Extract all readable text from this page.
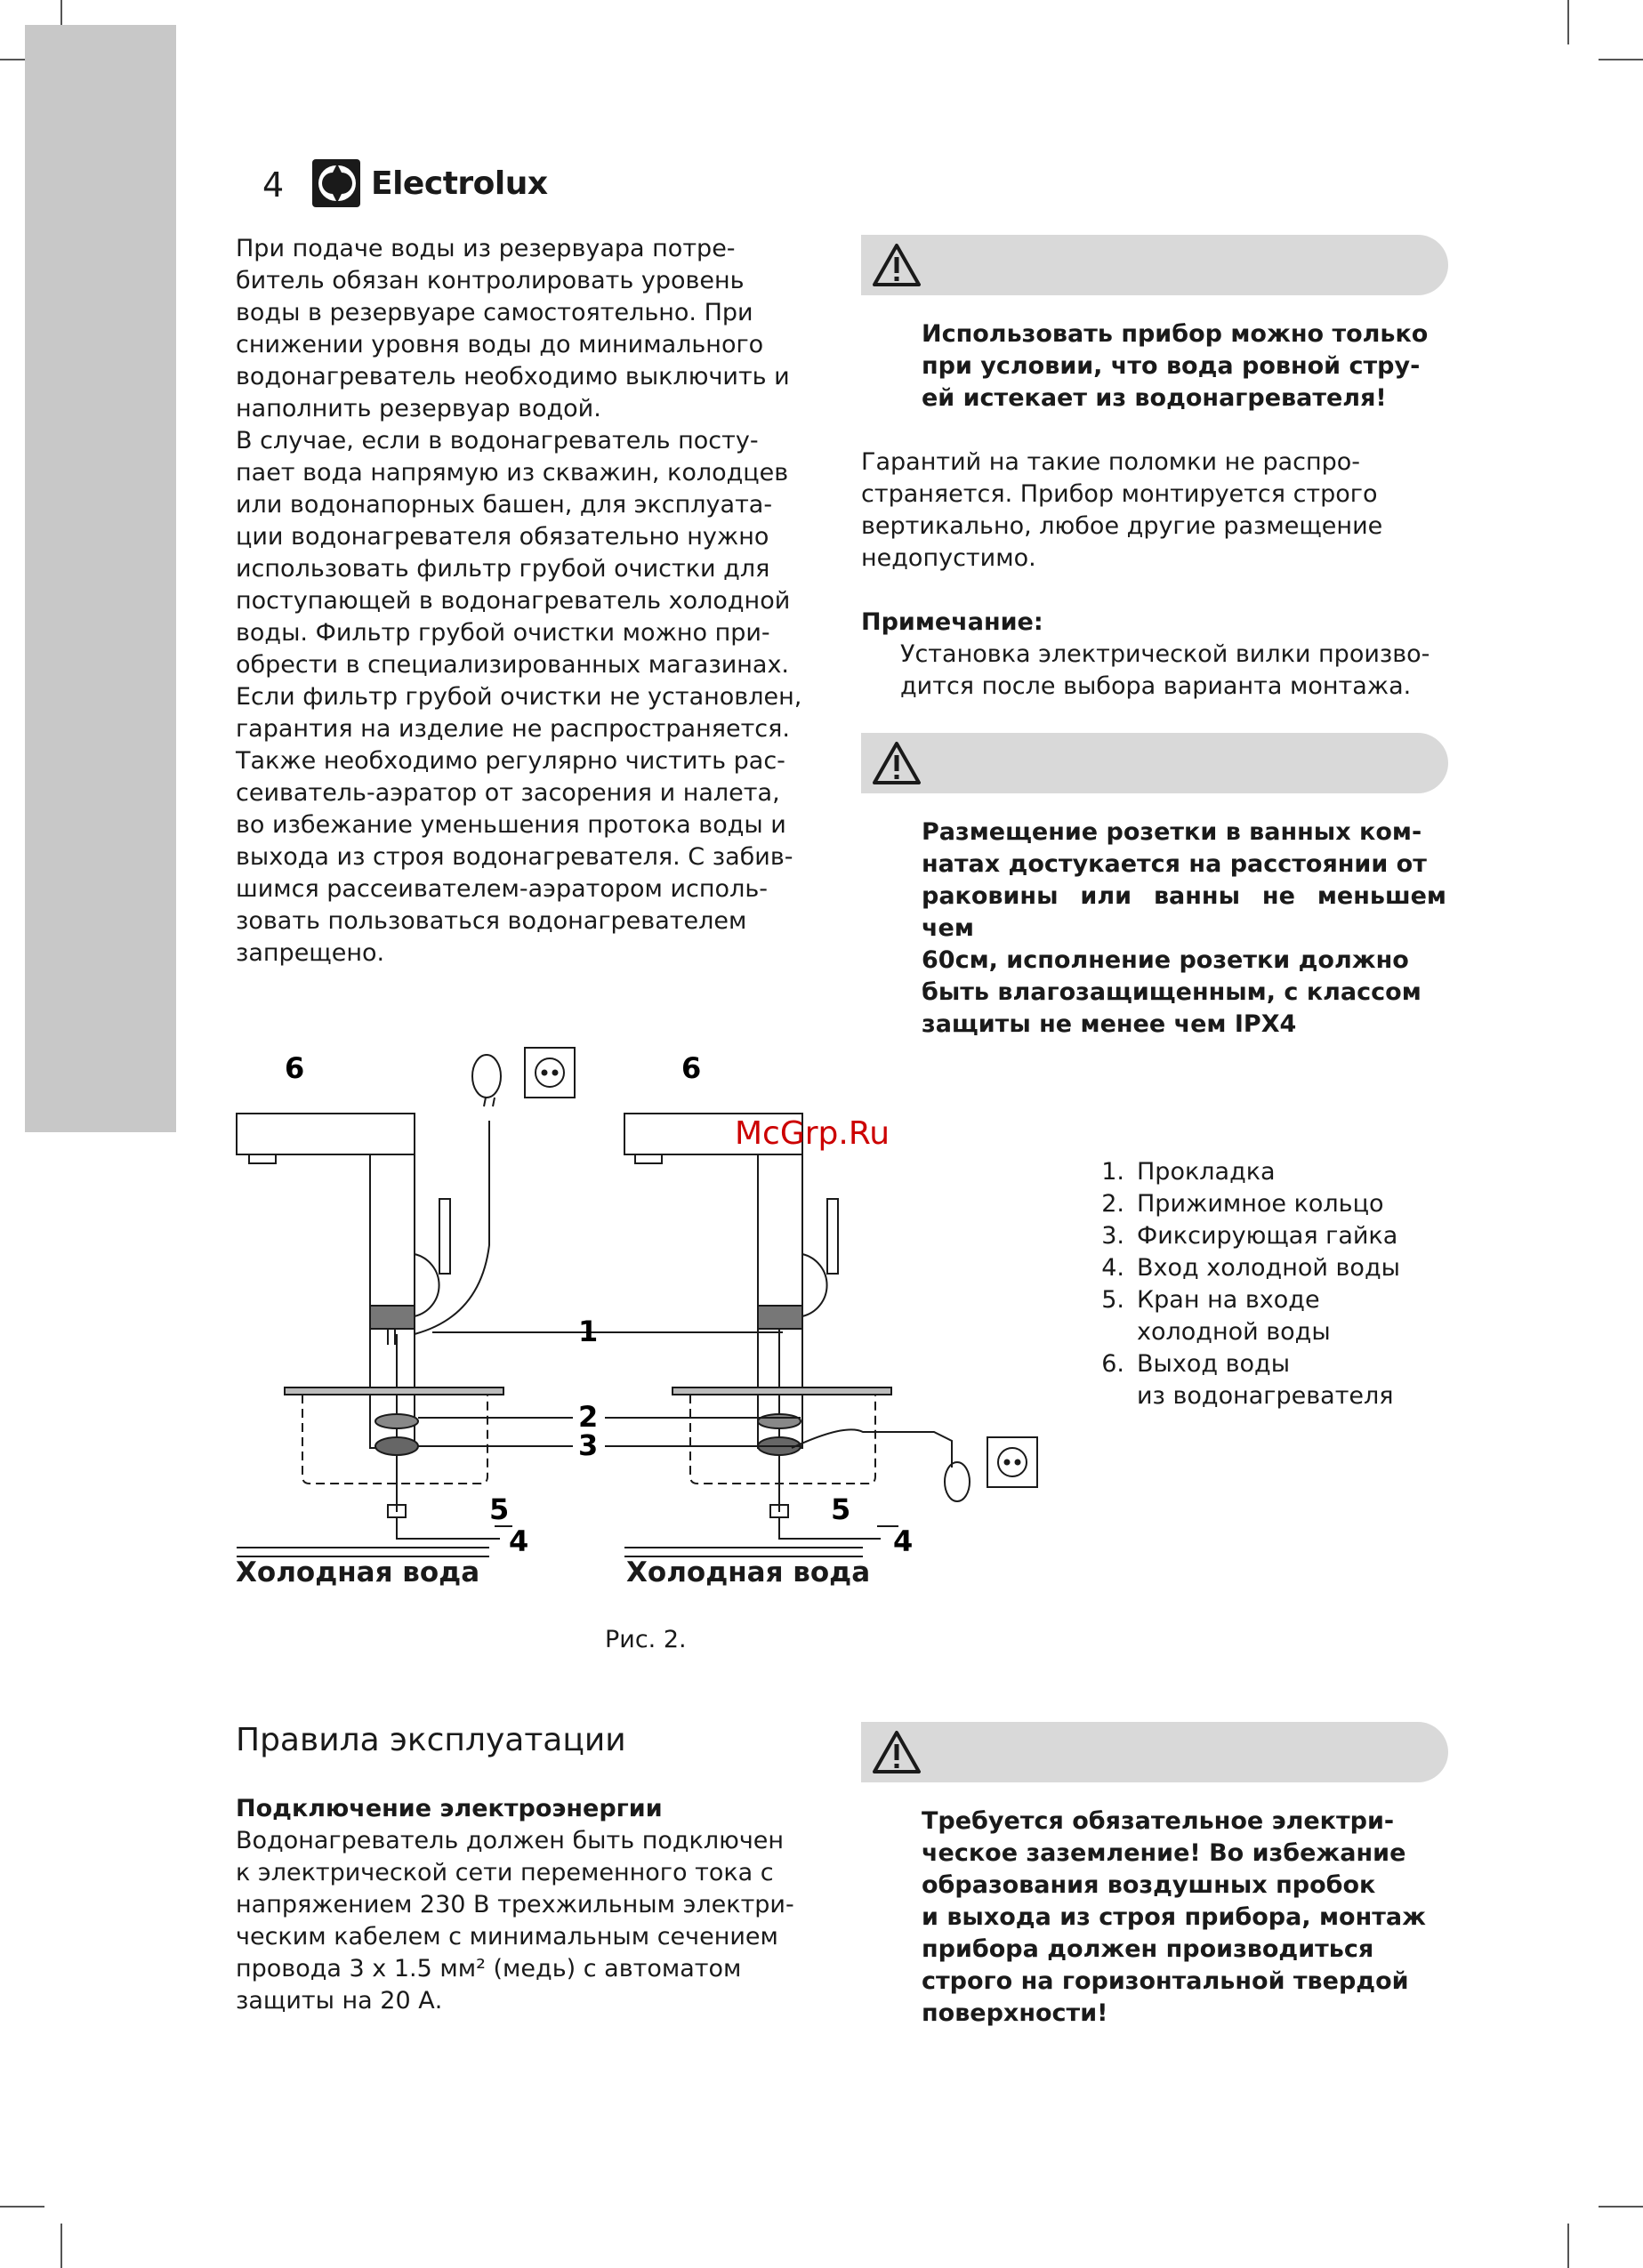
4	Electrolux
При подаче воды из резервуара потре-
битель обязан контролировать уровень
воды в резервуаре самостоятельно. При
снижении уровня воды до минимального
водонагреватель необходимо выключить и
наполнить резервуар водой.
В случае, если в водонагреватель посту-
пает вода напрямую из скважин, колодцев
или водонапорных башен, для эксплуата-
ции водонагревателя обязательно нужно
использовать фильтр грубой очистки для
поступающей в водонагреватель холодной
воды. Фильтр грубой очистки можно при-
обрести в специализированных магазинах.
Если фильтр грубой очистки не установлен,
гарантия на изделие не распространяется.
Также необходимо регулярно чистить рас-
сеиватель-аэратор от засорения и налета,
во избежание уменьшения протока воды и
выхода из строя водонагревателя. С забив-
шимся рассеивателем-аэратором исполь-
зовать пользоваться водонагревателем
запрещено.
Использовать прибор можно только
при условии, что вода ровной стру-
ей истекает из водонагревателя!
Гарантий на такие поломки не распро-
страняется. Прибор монтируется строго
вертикально, любое другие размещение
недопустимо.
Примечание:
Установка электрической вилки произво-
дится после выбора варианта монтажа.
Размещение розетки в ванных ком-
натах достукается на расстоянии от
раковины или ванны не меньшем чем
60см, исполнение розетки должно
быть влагозащищенным, с классом
защиты не менее чем IPX4
6	6
1
2
3
5
4
5
4
McGrp.Ru
1. Прокладка
2. Прижимное кольцо
3. Фиксирующая гайка
4. Вход холодной воды
5. Кран на входе
холодной воды
6. Выход воды
из водонагревателя
Холодная вода	Холодная вода
Рис. 2.
Правила эксплуатации
Подключение электроэнергии
Водонагреватель должен быть подключен
к электрической сети переменного тока с
напряжением 230 В трехжильным электри-
ческим кабелем с минимальным сечением
провода 3 x 1.5 мм² (медь) с автоматом
защиты на 20 А.
Требуется обязательное электри-
ческое заземление! Во избежание
образования воздушных пробок
и выхода из строя прибора, монтаж
прибора должен производиться
строго на горизонтальной твердой
поверхности!
